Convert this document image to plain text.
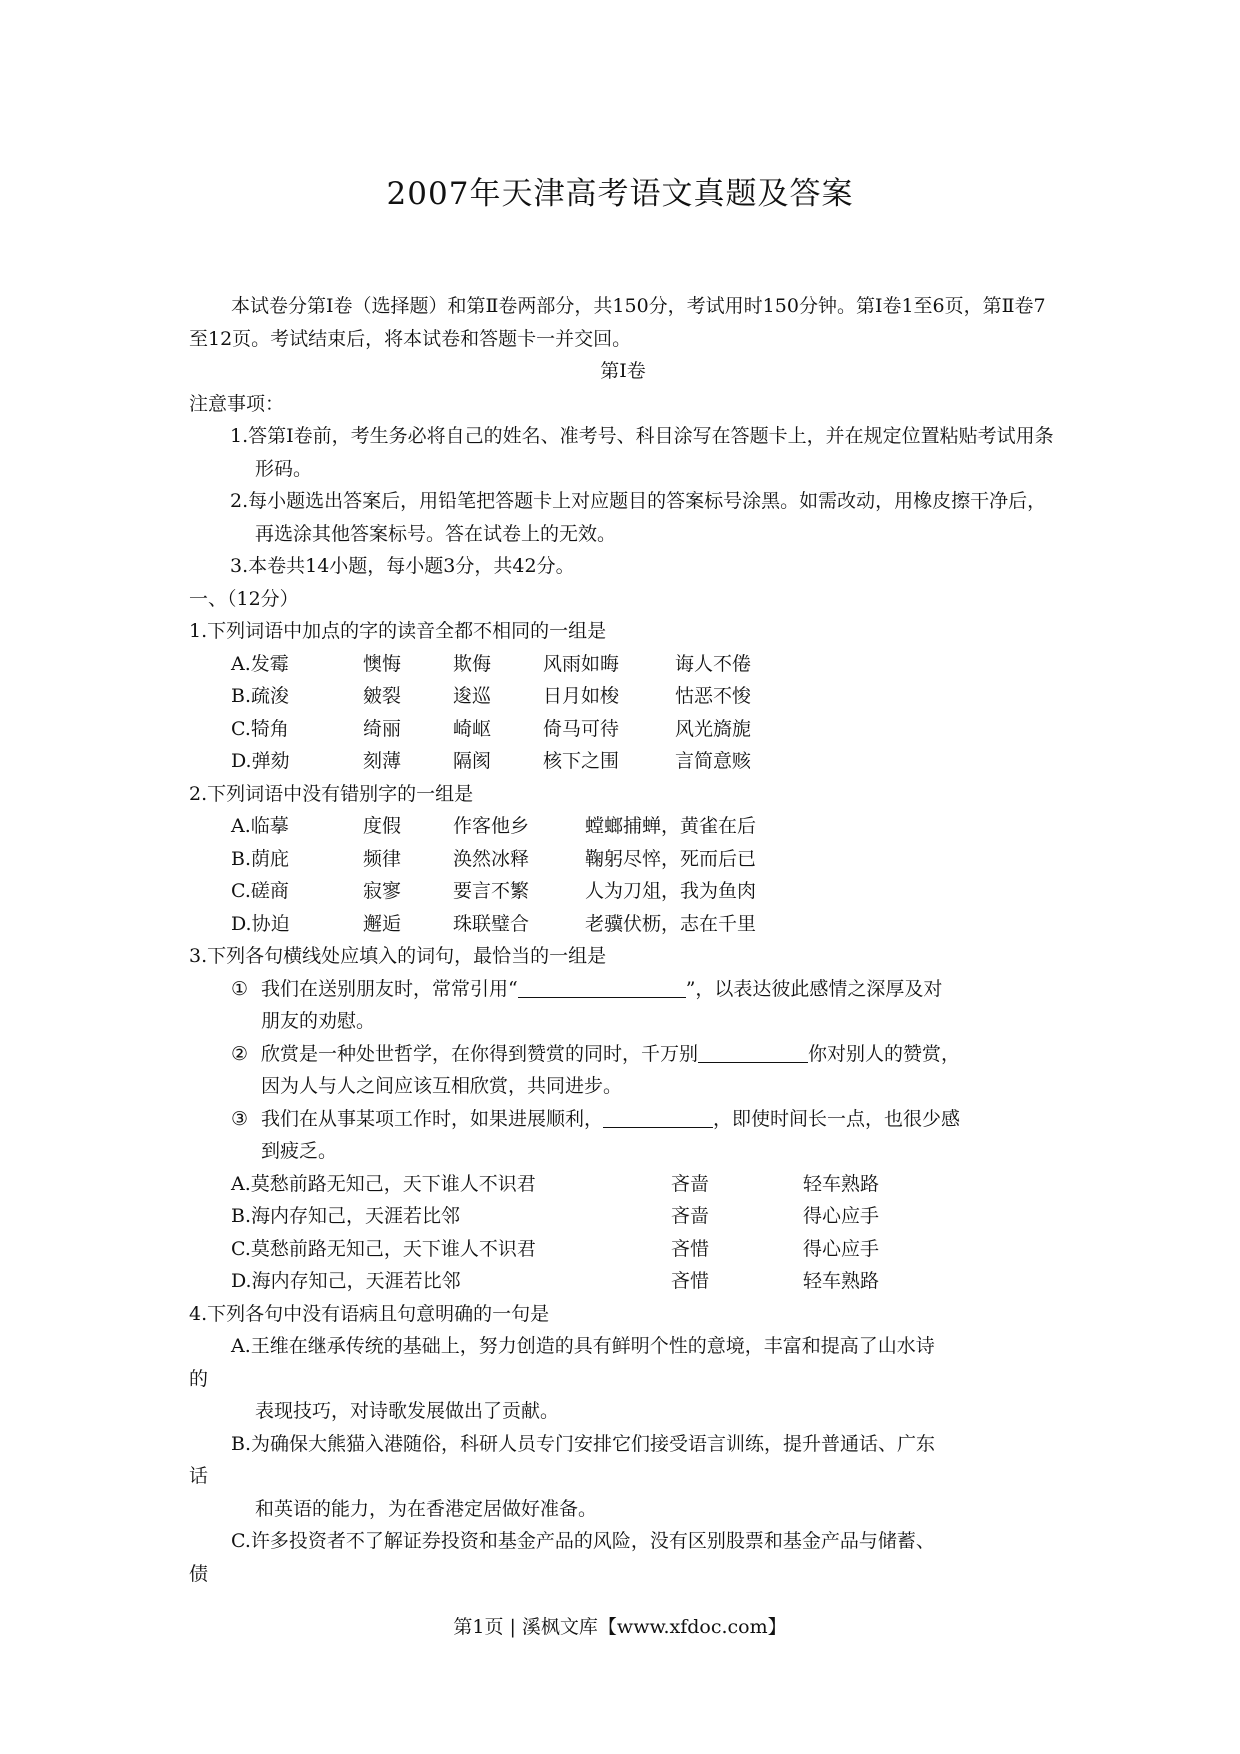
2007年天津高考语文真题及答案

本试卷分第Ⅰ卷（选择题）和第Ⅱ卷两部分，共150分，考试用时150分钟。第Ⅰ卷1至6页，第Ⅱ卷7至12页。考试结束后，将本试卷和答题卡一并交回。

第Ⅰ卷

注意事项：

1.答第Ⅰ卷前，考生务必将自己的姓名、准考号、科目涂写在答题卡上，并在规定位置粘贴考试用条形码。

2.每小题选出答案后，用铅笔把答题卡上对应题目的答案标号涂黑。如需改动，用橡皮擦干净后，再选涂其他答案标号。答在试卷上的无效。

3.本卷共14小题，每小题3分，共42分。

一、（12分）

1.下列词语中加点的字的读音全都不相同的一组是

A.发霉	懊悔	欺侮	风雨如晦	诲人不倦
B.疏浚	皴裂	逡巡	日月如梭	怙恶不悛
C.犄角	绮丽	崎岖	倚马可待	风光旖旎
D.弹劾	刻薄	隔阂	核下之围	言简意赅

2.下列词语中没有错别字的一组是

A.临摹	度假	作客他乡	螳螂捕蝉，黄雀在后
B.荫庇	频律	涣然冰释	鞠躬尽悴，死而后已
C.磋商	寂寥	要言不繁	人为刀俎，我为鱼肉
D.协迫	邂逅	珠联璧合	老骥伏枥，志在千里

3.下列各句横线处应填入的词句，最恰当的一组是

① 我们在送别朋友时，常常引用“	”，以表达彼此感情之深厚及对
朋友的劝慰。
② 欣赏是一种处世哲学，在你得到赞赏的同时，千万别	你对别人的赞赏，
因为人与人之间应该互相欣赏，共同进步。
③ 我们在从事某项工作时，如果进展顺利，	，即使时间长一点，也很少感
到疲乏。
A.莫愁前路无知己，天下谁人不识君	吝啬	轻车熟路
B.海内存知己，天涯若比邻	吝啬	得心应手
C.莫愁前路无知己，天下谁人不识君	吝惜	得心应手
D.海内存知己，天涯若比邻	吝惜	轻车熟路

4.下列各句中没有语病且句意明确的一句是

A.王维在继承传统的基础上，努力创造的具有鲜明个性的意境，丰富和提高了山水诗

的

表现技巧，对诗歌发展做出了贡献。

B.为确保大熊猫入港随俗，科研人员专门安排它们接受语言训练，提升普通话、广东

话

和英语的能力，为在香港定居做好准备。

C.许多投资者不了解证券投资和基金产品的风险，没有区别股票和基金产品与储蓄、

债

第1页 | 溪枫文库【www.xfdoc.com】
